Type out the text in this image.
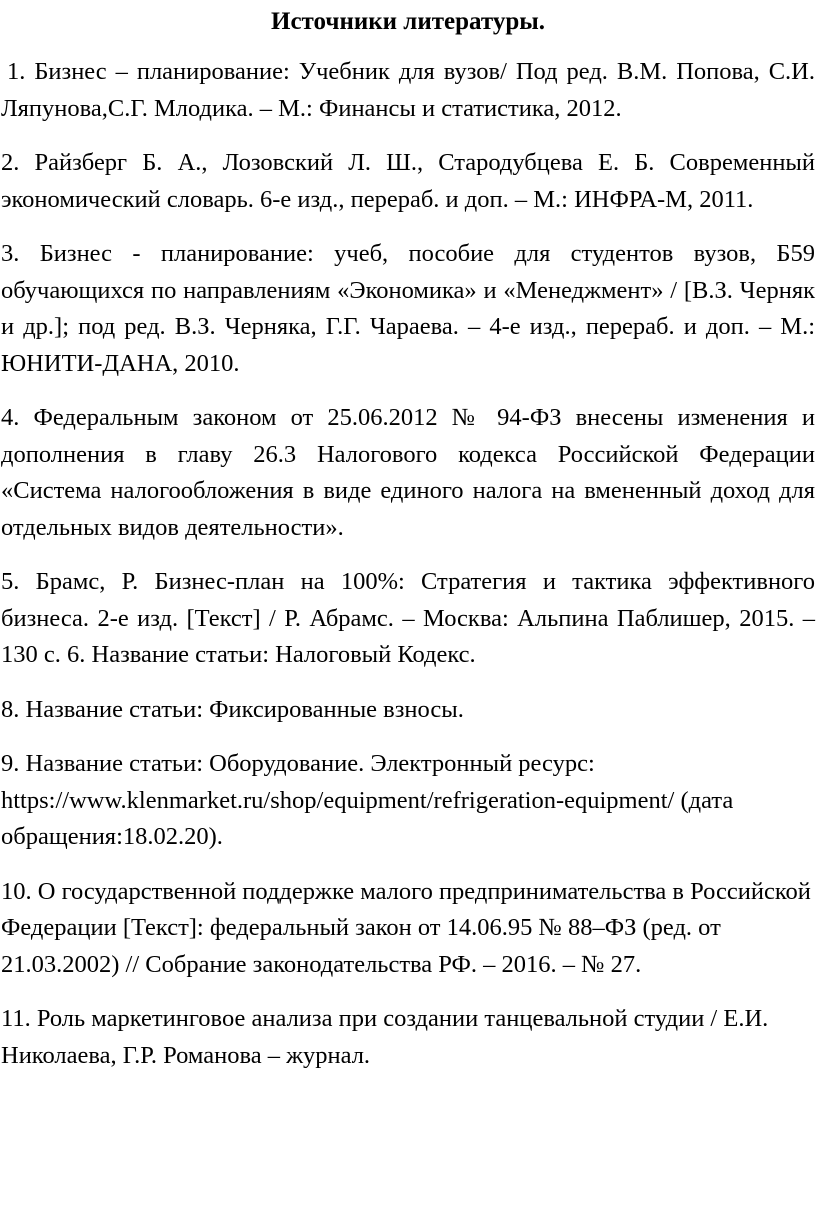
Источники литературы.

1. Бизнес – планирование: Учебник для вузов/ Под ред. В.М. Попова, С.И. Ляпунова,С.Г. Млодика. – М.: Финансы и статистика, 2012.

2. Райзберг Б. А., Лозовский Л. Ш., Стародубцева Е. Б. Современный экономический словарь. 6-е изд., перераб. и доп. – М.: ИНФРА-М, 2011.

3. Бизнес - планирование: учеб, пособие для студентов вузов, Б59 обучающихся по направлениям «Экономика» и «Менеджмент» / [В.З. Черняк и др.]; под ред. В.З. Черняка, Г.Г. Чараева. – 4-е изд., перераб. и доп. – М.: ЮНИТИ-ДАНА, 2010.

4. Федеральным законом от 25.06.2012 № 94-ФЗ внесены изменения и дополнения в главу 26.3 Налогового кодекса Российской Федерации «Система налогообложения в виде единого налога на вмененный доход для отдельных видов деятельности».

5. Брамс, Р. Бизнес-план на 100%: Стратегия и тактика эффективного бизнеса. 2-е изд. [Текст] / Р. Абрамс. – Москва: Альпина Паблишер, 2015. – 130 с. 6. Название статьи: Налоговый Кодекс.

8. Название статьи: Фиксированные взносы.

9. Название статьи: Оборудование. Электронный ресурс: https://www.klenmarket.ru/shop/equipment/refrigeration-equipment/ (дата обращения:18.02.20).

10. О государственной поддержке малого предпринимательства в Российской Федерации [Текст]: федеральный закон от 14.06.95 № 88–ФЗ (ред. от 21.03.2002) // Собрание законодательства РФ. – 2016. – № 27.

11. Роль маркетинговое анализа при создании танцевальной студии / Е.И. Николаева, Г.Р. Романова – журнал.
